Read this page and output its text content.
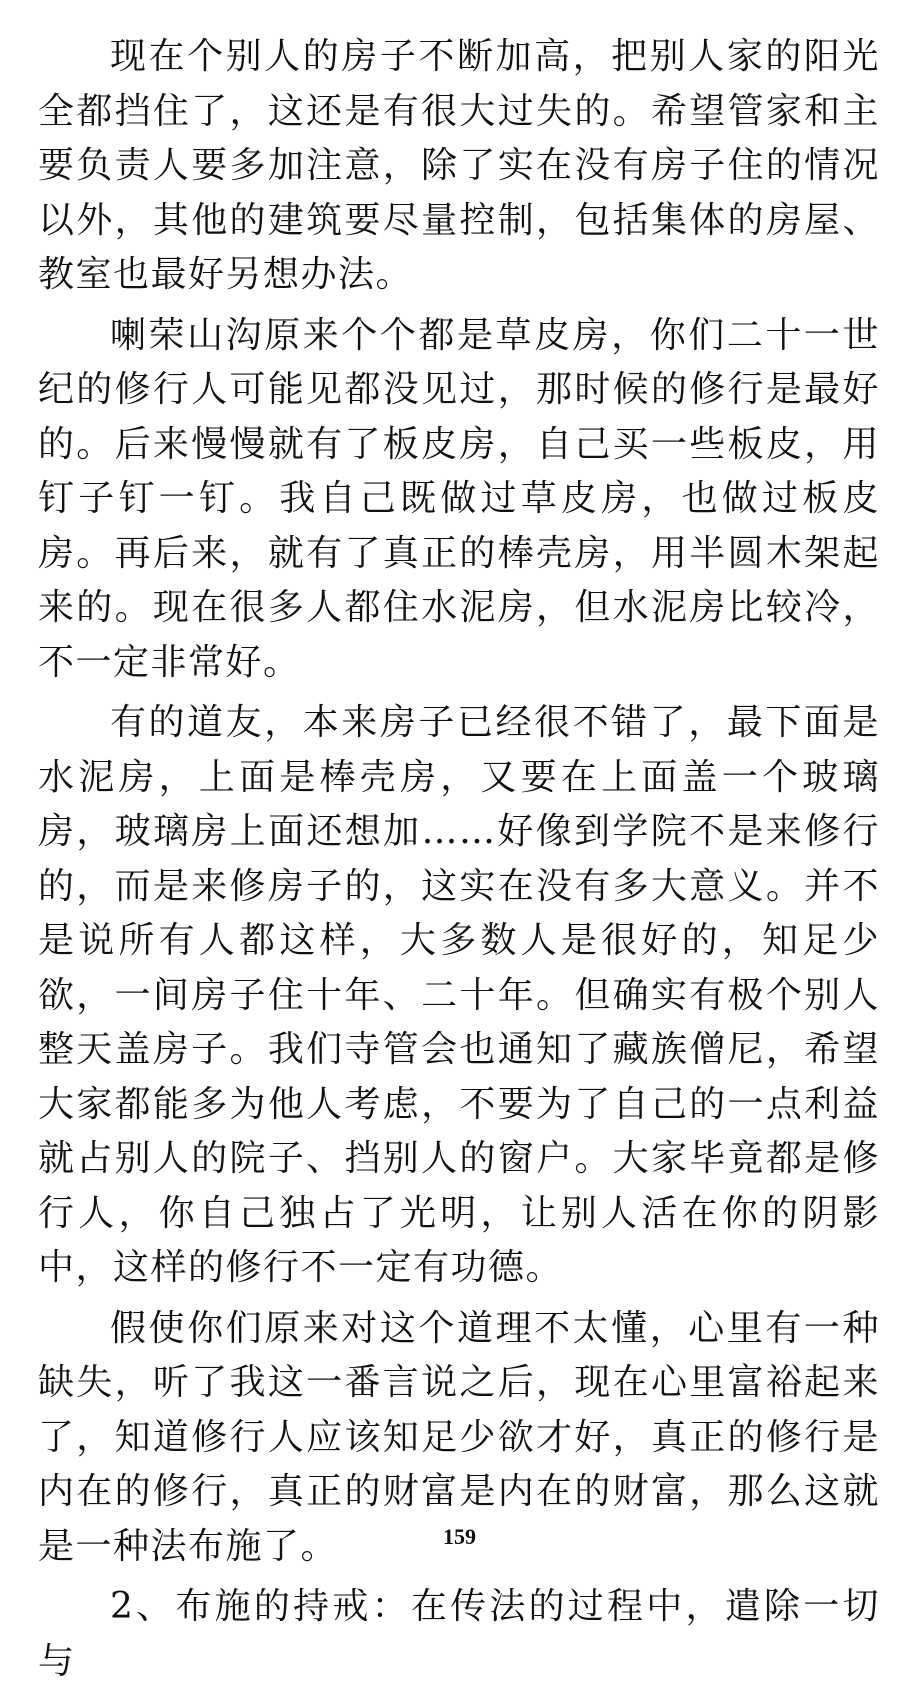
现在个别人的房子不断加高，把别人家的阳光全都挡住了，这还是有很大过失的。希望管家和主要负责人要多加注意，除了实在没有房子住的情况以外，其他的建筑要尽量控制，包括集体的房屋、教室也最好另想办法。

喇荣山沟原来个个都是草皮房，你们二十一世纪的修行人可能见都没见过，那时候的修行是最好的。后来慢慢就有了板皮房，自己买一些板皮，用钉子钉一钉。我自己既做过草皮房，也做过板皮房。再后来，就有了真正的棒壳房，用半圆木架起来的。现在很多人都住水泥房，但水泥房比较冷，不一定非常好。

有的道友，本来房子已经很不错了，最下面是水泥房，上面是棒壳房，又要在上面盖一个玻璃房，玻璃房上面还想加……好像到学院不是来修行的，而是来修房子的，这实在没有多大意义。并不是说所有人都这样，大多数人是很好的，知足少欲，一间房子住十年、二十年。但确实有极个别人整天盖房子。我们寺管会也通知了藏族僧尼，希望大家都能多为他人考虑，不要为了自己的一点利益就占别人的院子、挡别人的窗户。大家毕竟都是修行人，你自己独占了光明，让别人活在你的阴影中，这样的修行不一定有功德。

假使你们原来对这个道理不太懂，心里有一种缺失，听了我这一番言说之后，现在心里富裕起来了，知道修行人应该知足少欲才好，真正的修行是内在的修行，真正的财富是内在的财富，那么这就是一种法布施了。

2、布施的持戒：在传法的过程中，遣除一切与

159
